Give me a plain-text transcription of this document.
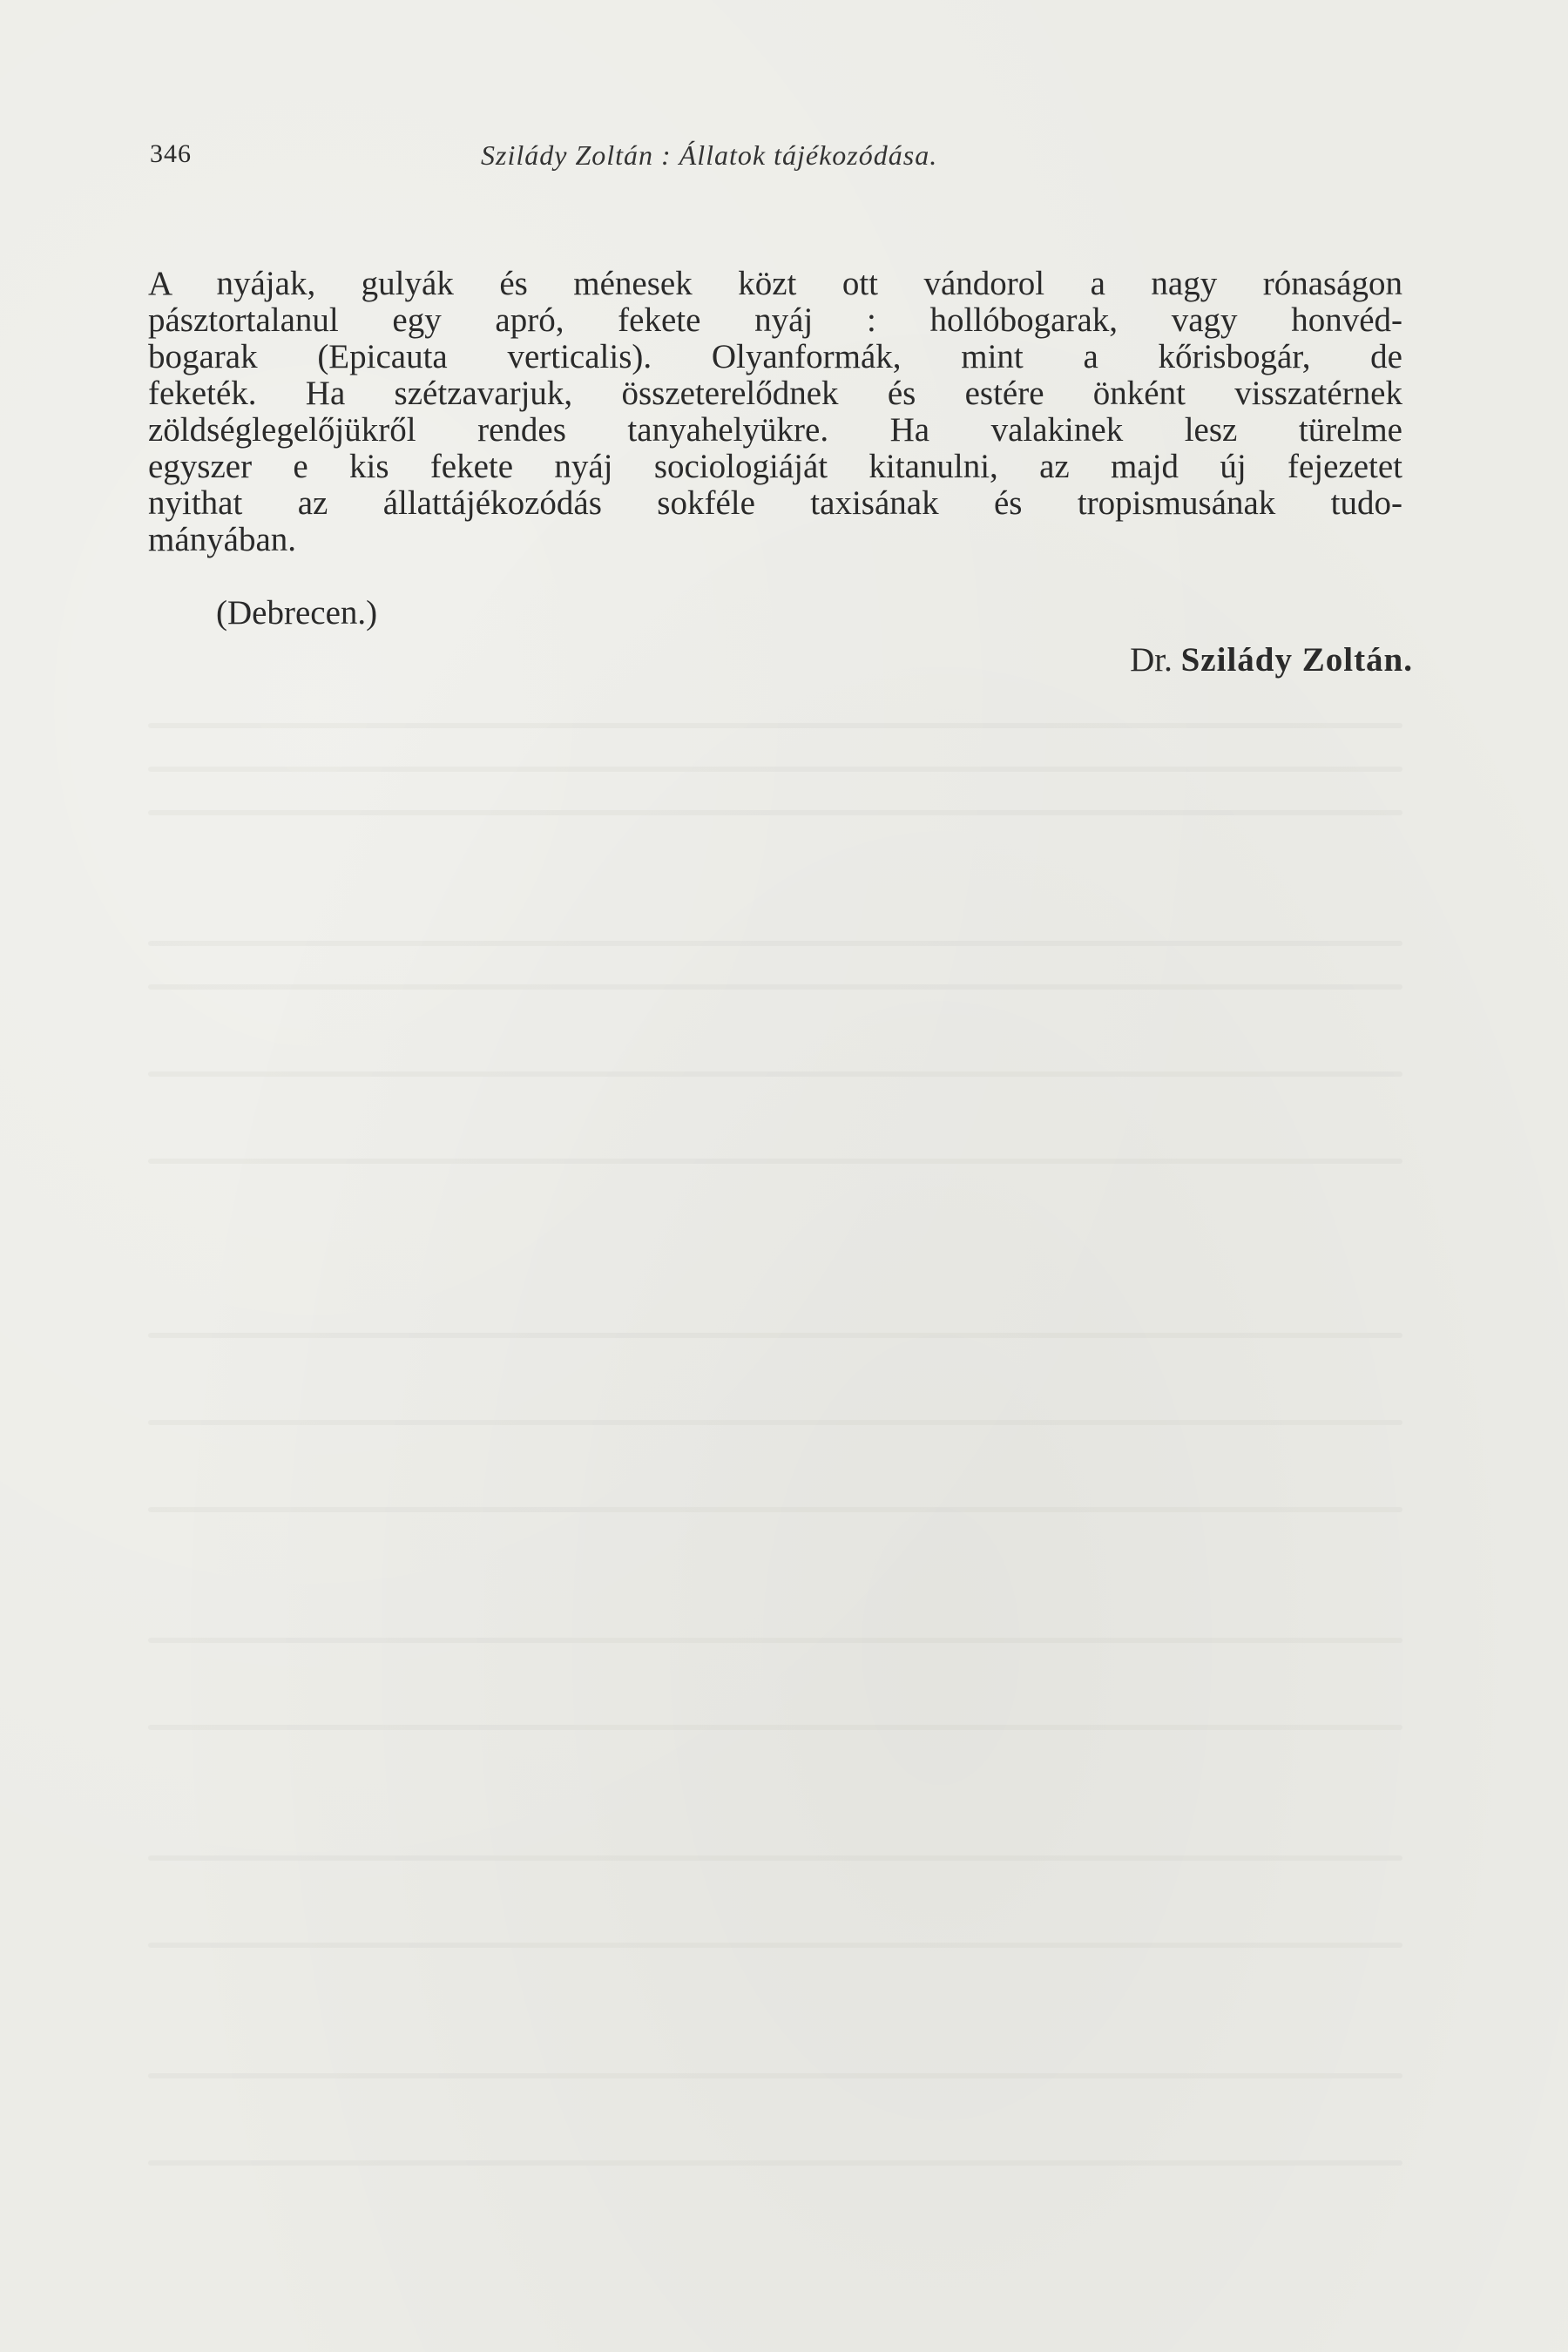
346	Sziládу Zoltán : Állatok tájékozódása.
A nyájak, gulyák és ménesek közt ott vándorol a nagy rónaságon
pásztortalanul egy apró, fekete nyáj : hollóbogarak, vagy honvéd-
bogarak (Epicauta verticalis). Olyanformák, mint a kőrisbogár, de
feketék. Ha szétzavarjuk, összeterelődnek és estére önként visszatérnek
zöldséglegelőjükről rendes tanyahelyükre. Ha valakinek lesz türelme
egyszer e kis fekete nyáj sociologiáját kitanulni, az majd új fejezetet
nyithat az állattájékozódás sokféle taxisának és tropismusának tudo-
mányában.
(Debrecen.)
Dr. Szilády Zoltán.
